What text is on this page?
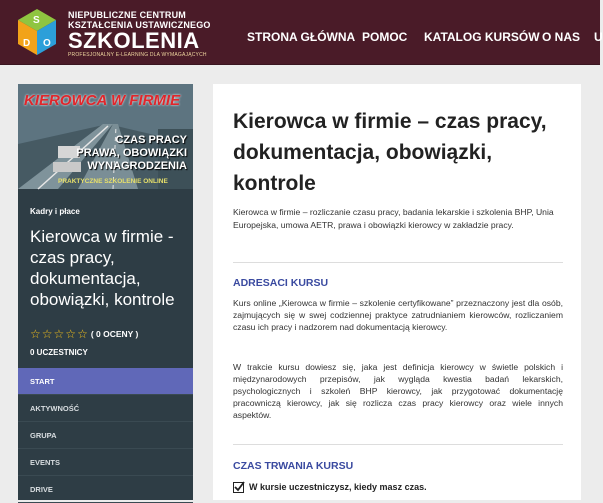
S
D O
NIEPUBLICZNE CENTRUM
KSZTAŁCENIA USTAWICZNEGO
SZKOLENIA
PROFESJONALNY E-LEARNING DLA WYMAGAJĄCYCH
STRONA GŁÓWNA POMOC KATALOG KURSÓW O NAS U
KIEROWCA W FIRMIE
CZAS PRACY
PRAWA, OBOWIĄZKI
WYNAGRODZENIA
PRAKTYCZNE SZKOLENIE ONLINE
Kadry i płace
Kierowca w firmie - czas pracy, dokumentacja, obowiązki, kontrole
☆ ☆ ☆ ☆ ☆ ( 0 OCENY )
0 UCZESTNICY
START
AKTYWNOŚĆ
GRUPA
EVENTS
DRIVE
Kierowca w firmie – czas pracy, dokumentacja, obowiązki, kontrole

Kierowca w firmie – rozliczanie czasu pracy, badania lekarskie i szkolenia BHP, Unia Europejska, umowa AETR, prawa i obowiązki kierowcy w zakładzie pracy.

ADRESACI KURSU

Kurs online „Kierowca w firmie – szkolenie certyfikowane” przeznaczony jest dla osób, zajmujących się w swej codziennej praktyce zatrudnianiem kierowców, rozliczaniem czasu ich pracy i nadzorem nad dokumentacją kierowcy.

W trakcie kursu dowiesz się, jaka jest definicja kierowcy w świetle polskich i międzynarodowych przepisów, jak wygląda kwestia badań lekarskich, psychologicznych i szkoleń BHP kierowcy, jak przygotować dokumentację pracowniczą kierowcy, jak się rozlicza czas pracy kierowcy oraz wiele innych aspektów.

CZAS TRWANIA KURSU
W kursie uczestniczysz, kiedy masz czas.
